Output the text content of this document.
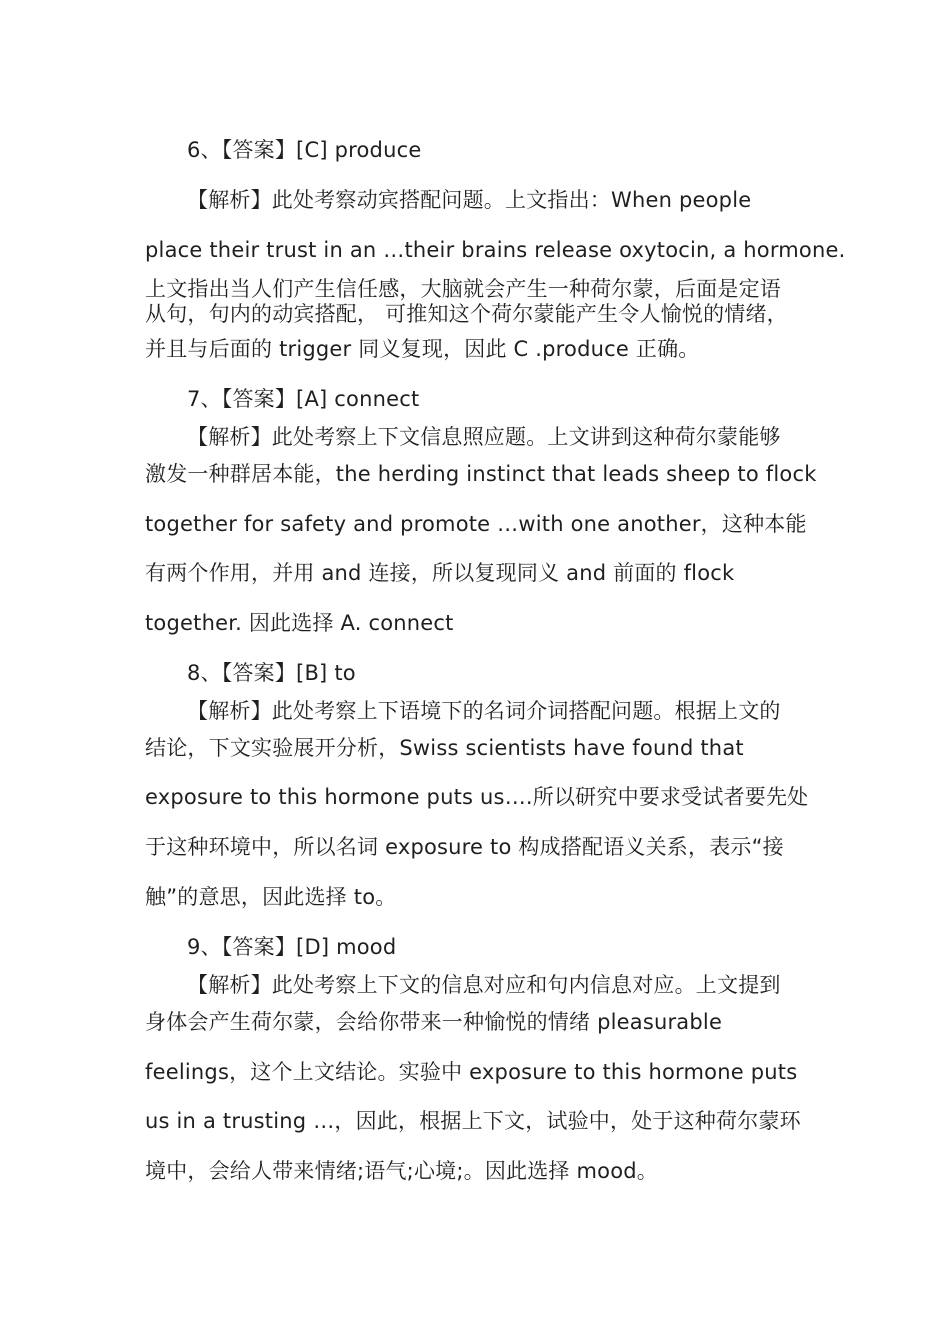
6、【答案】[C] produce
【解析】此处考察动宾搭配问题。上文指出：When people
place their trust in an …their brains release oxytocin, a hormone.
上文指出当人们产生信任感，大脑就会产生一种荷尔蒙，后面是定语
从句，句内的动宾搭配， 可推知这个荷尔蒙能产生令人愉悦的情绪，
并且与后面的 trigger 同义复现，因此 C .produce 正确。
7、【答案】[A] connect
【解析】此处考察上下文信息照应题。上文讲到这种荷尔蒙能够
激发一种群居本能，the herding instinct that leads sheep to flock
together for safety and promote …with one another，这种本能
有两个作用，并用 and 连接，所以复现同义 and 前面的 flock
together. 因此选择 A. connect
8、【答案】[B] to
【解析】此处考察上下语境下的名词介词搭配问题。根据上文的
结论，下文实验展开分析，Swiss scientists have found that
exposure to this hormone puts us….所以研究中要求受试者要先处
于这种环境中，所以名词 exposure to 构成搭配语义关系，表示“接
触”的意思，因此选择 to。
9、【答案】[D] mood
【解析】此处考察上下文的信息对应和句内信息对应。上文提到
身体会产生荷尔蒙，会给你带来一种愉悦的情绪 pleasurable
feelings，这个上文结论。实验中 exposure to this hormone puts
us in a trusting …，因此，根据上下文，试验中，处于这种荷尔蒙环
境中，会给人带来情绪;语气;心境;。因此选择 mood。
